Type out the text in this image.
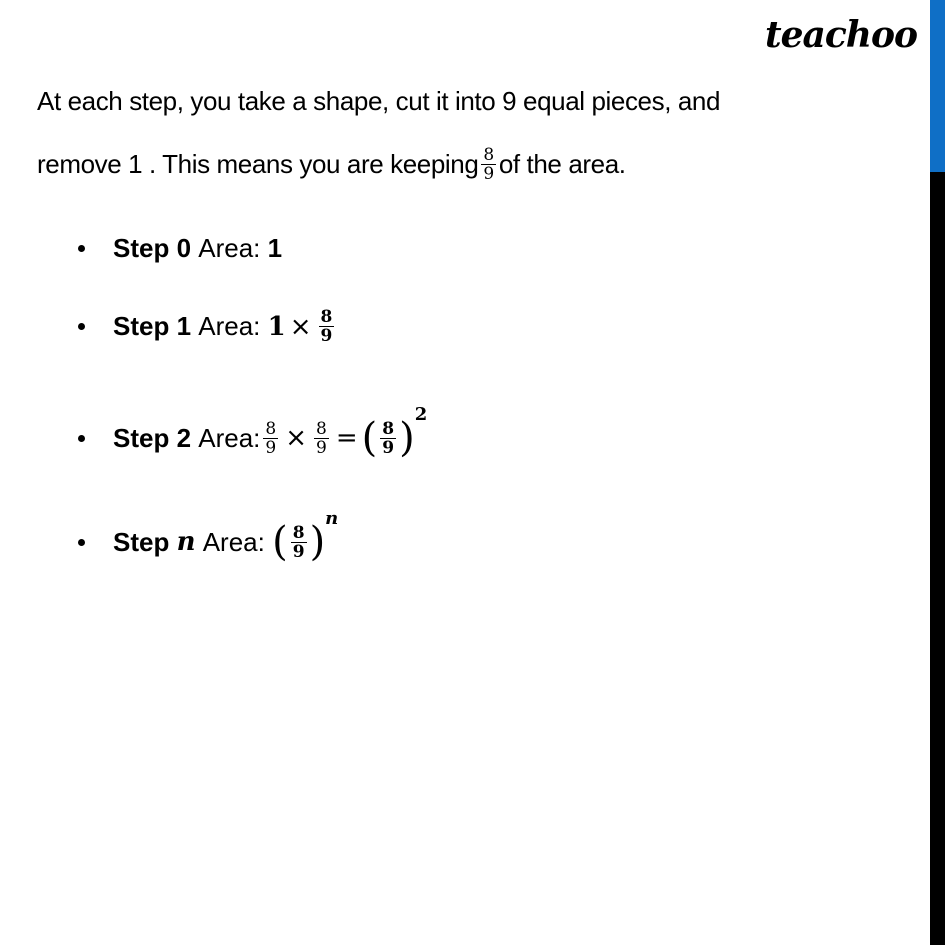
teachoo
At each step, you take a shape, cut it into 9 equal pieces, and
remove 1 . This means you are keeping $\frac{8}{9}$ of the area.
Step 0
Area:
1
Step 1
Area:
$1 \times \frac{8}{9}$
Step 2
Area: $\frac{8}{9} \times \frac{8}{9}$ = ( $\frac{8}{9}$ )
2
Step
n
Area:
( $\frac{8}{9}$ )
n
